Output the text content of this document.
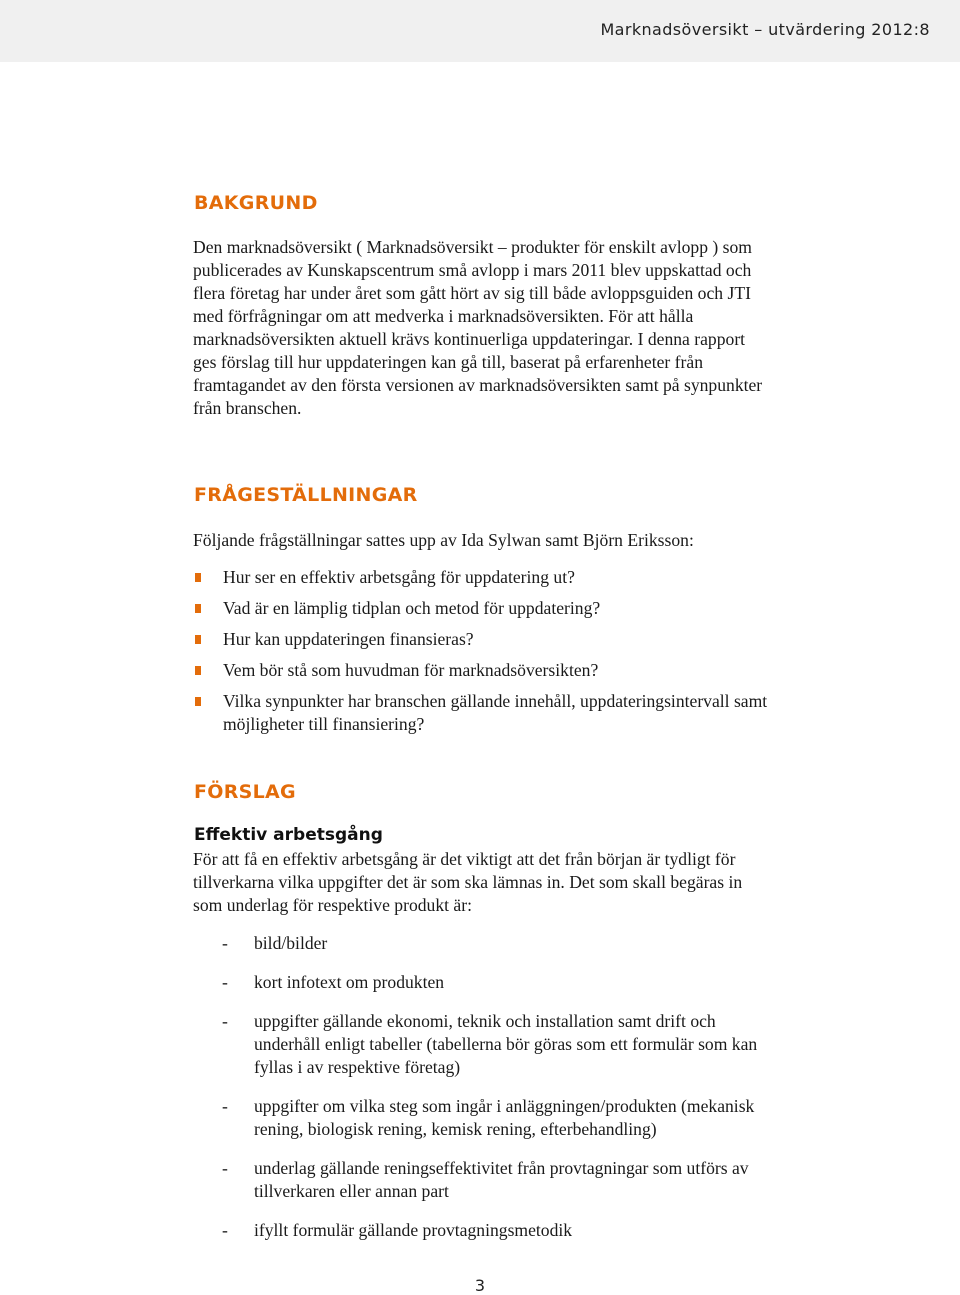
Marknadsöversikt – utvärdering 2012:8
BAKGRUND
Den marknadsöversikt ( Marknadsöversikt – produkter för enskilt avlopp ) som publicerades av Kunskapscentrum små avlopp i mars 2011 blev uppskattad och flera företag har under året som gått hört av sig till både avloppsguiden och JTI med förfrågningar om att medverka i marknadsöversikten. För att hålla marknadsöversikten aktuell krävs kontinuerliga uppdateringar. I denna rapport ges förslag till hur uppdateringen kan gå till, baserat på erfarenheter från framtagandet av den första versionen av marknadsöversikten samt på synpunkter från branschen.
FRÅGESTÄLLNINGAR
Följande frågställningar sattes upp av Ida Sylwan samt Björn Eriksson:
Hur ser en effektiv arbetsgång för uppdatering ut?
Vad är en lämplig tidplan och metod för uppdatering?
Hur kan uppdateringen finansieras?
Vem bör stå som huvudman för marknadsöversikten?
Vilka synpunkter har branschen gällande innehåll, uppdateringsintervall samt möjligheter till finansiering?
FÖRSLAG
Effektiv arbetsgång
För att få en effektiv arbetsgång är det viktigt att det från början är tydligt för tillverkarna vilka uppgifter det är som ska lämnas in. Det som skall begäras in som underlag för respektive produkt är:
- bild/bilder
- kort infotext om produkten
- uppgifter gällande ekonomi, teknik och installation samt drift och underhåll enligt tabeller (tabellerna bör göras som ett formulär som kan fyllas i av respektive företag)
- uppgifter om vilka steg som ingår i anläggningen/produkten (mekanisk rening, biologisk rening, kemisk rening, efterbehandling)
- underlag gällande reningseffektivitet från provtagningar som utförs av tillverkaren eller annan part
- ifyllt formulär gällande provtagningsmetodik
3
